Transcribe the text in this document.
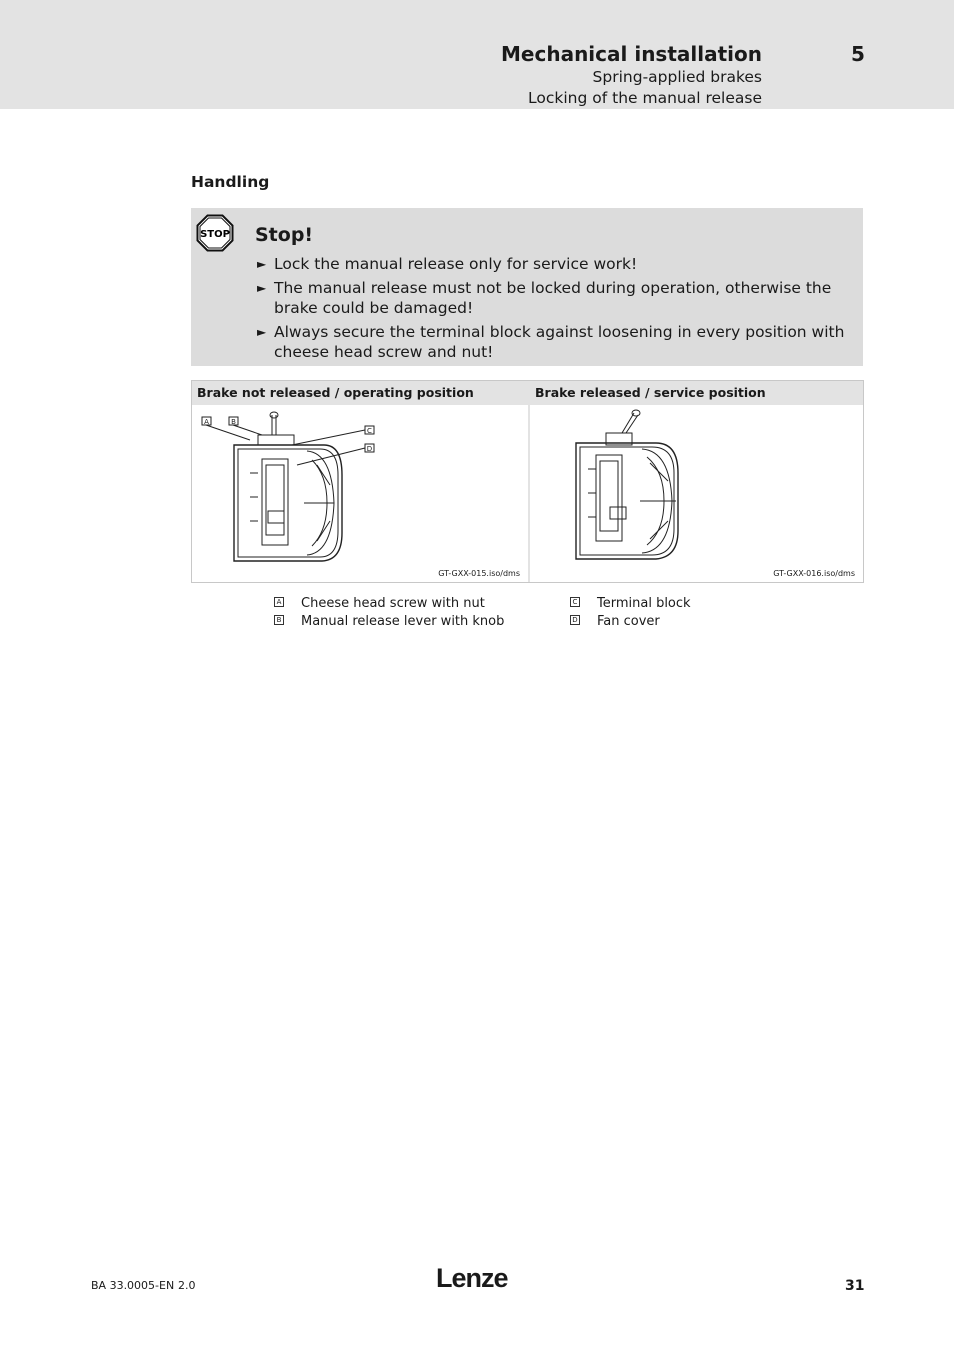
Mechanical installation	5
Spring-applied brakes
Locking of the manual release
Handling
STOP Stop!
► Lock the manual release only for service work!
► The manual release must not be locked during operation, otherwise the brake could be damaged!
► Always secure the terminal block against loosening in every position with cheese head screw and nut!
Brake not released / operating position
A	B
C
D
GT-GXX-015.iso/dms
Brake released / service position
GT-GXX-016.iso/dms
A Cheese head screw with nut
B Manual release lever with knob
C Terminal block
D Fan cover
BA 33.0005-EN 2.0	Lenze	31
